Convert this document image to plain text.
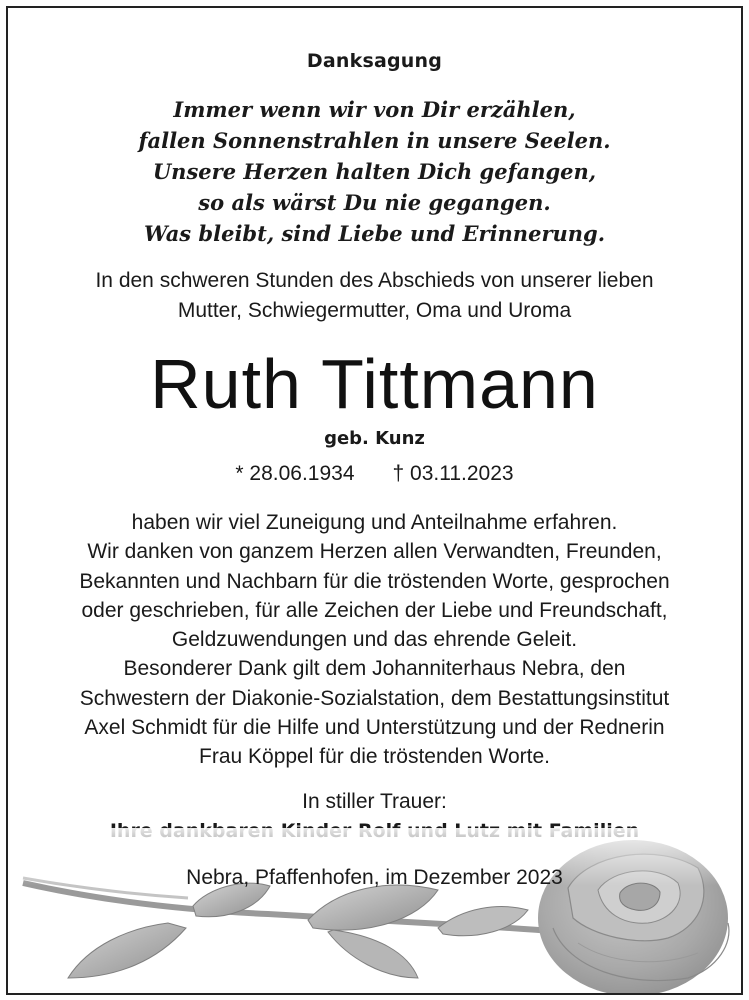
Danksagung
Immer wenn wir von Dir erzählen,
fallen Sonnenstrahlen in unsere Seelen.
Unsere Herzen halten Dich gefangen,
so als wärst Du nie gegangen.
Was bleibt, sind Liebe und Erinnerung.
In den schweren Stunden des Abschieds von unserer lieben
Mutter, Schwiegermutter, Oma und Uroma
Ruth Tittmann
geb. Kunz
* 28.06.1934 † 03.11.2023
haben wir viel Zuneigung und Anteilnahme erfahren.
Wir danken von ganzem Herzen allen Verwandten, Freunden,
Bekannten und Nachbarn für die tröstenden Worte, gesprochen
oder geschrieben, für alle Zeichen der Liebe und Freundschaft,
Geldzuwendungen und das ehrende Geleit.
Besonderer Dank gilt dem Johanniterhaus Nebra, den
Schwestern der Diakonie-Sozialstation, dem Bestattungsinstitut
Axel Schmidt für die Hilfe und Unterstützung und der Rednerin
Frau Köppel für die tröstenden Worte.
In stiller Trauer:
Nebra, Pfaffenhofen, im Dezember 2023
